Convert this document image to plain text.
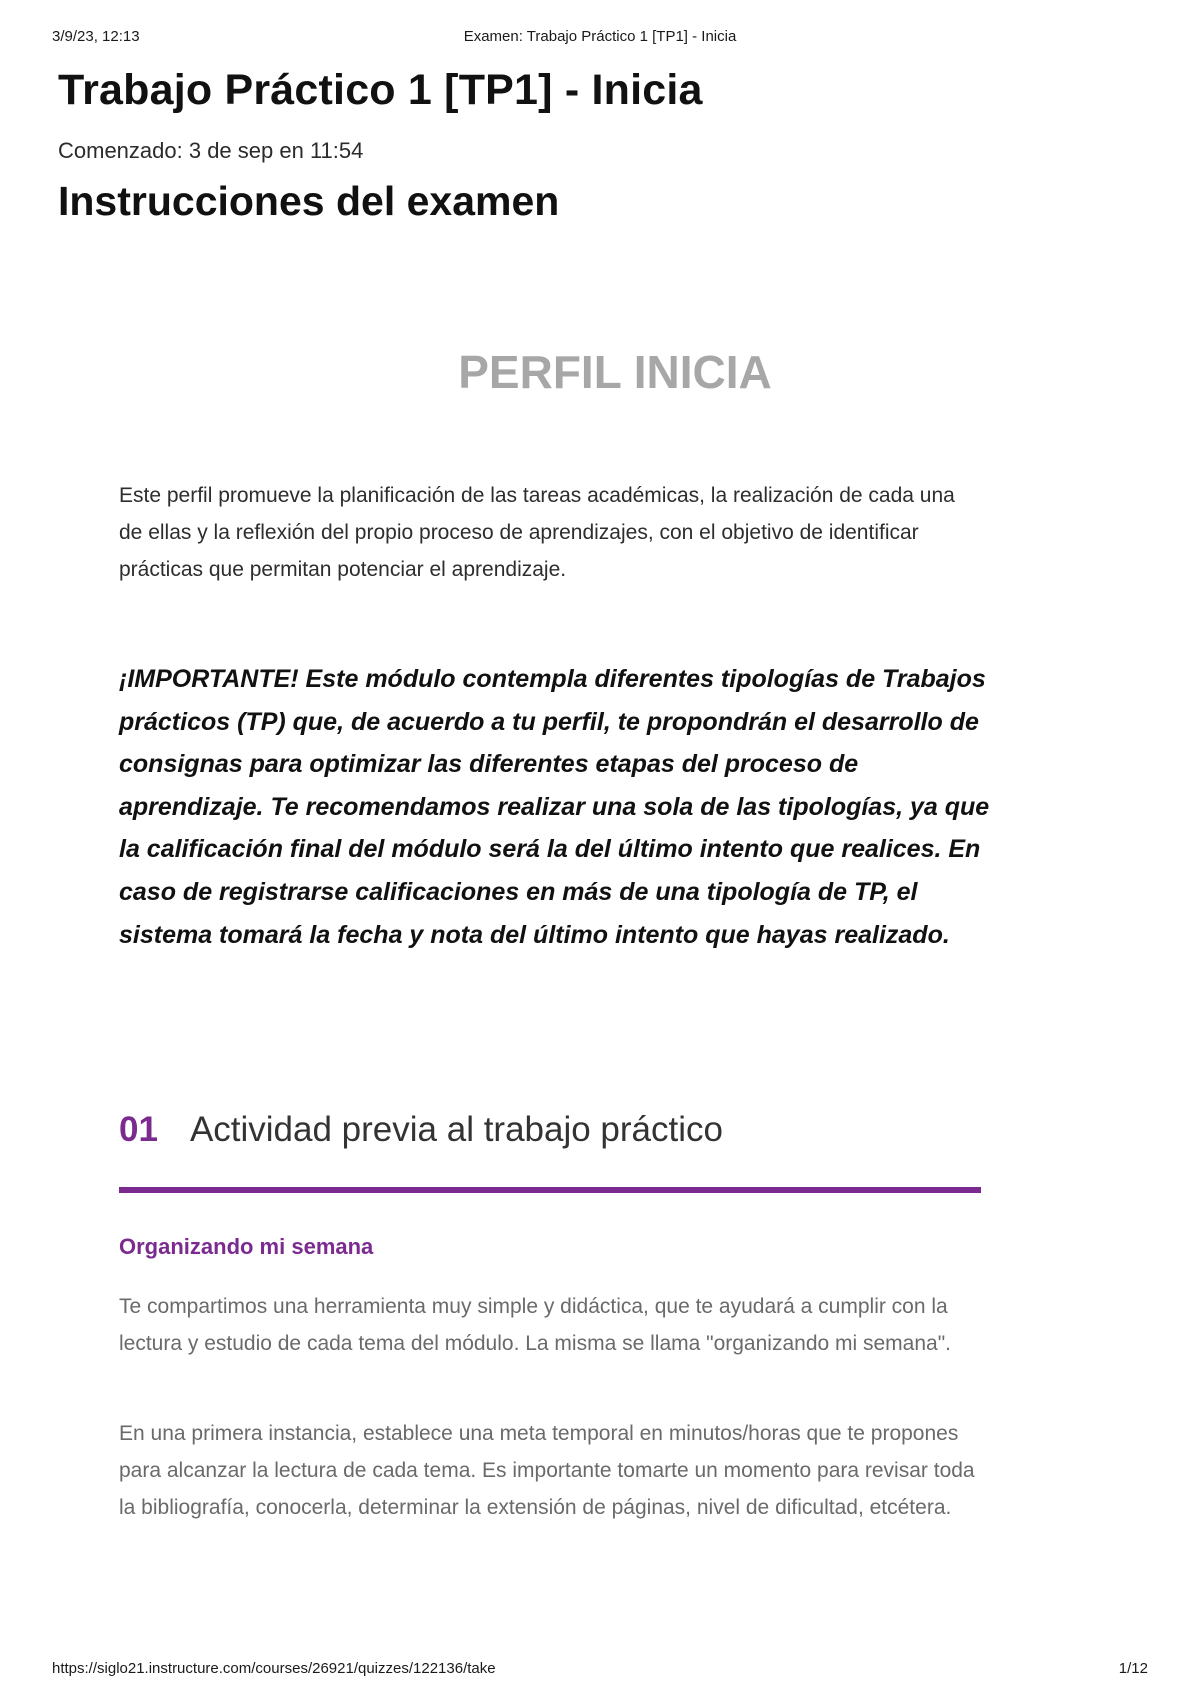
3/9/23, 12:13	Examen: Trabajo Práctico 1 [TP1] - Inicia
Trabajo Práctico 1 [TP1] - Inicia
Comenzado: 3 de sep en 11:54
Instrucciones del examen
PERFIL INICIA

Este perfil promueve la planificación de las tareas académicas, la realización de cada una de ellas y la reflexión del propio proceso de aprendizajes, con el objetivo de identificar prácticas que permitan potenciar el aprendizaje.

¡IMPORTANTE! Este módulo contempla diferentes tipologías de Trabajos prácticos (TP) que, de acuerdo a tu perfil, te propondrán el desarrollo de consignas para optimizar las diferentes etapas del proceso de aprendizaje. Te recomendamos realizar una sola de las tipologías, ya que la calificación final del módulo será la del último intento que realices. En caso de registrarse calificaciones en más de una tipología de TP, el sistema tomará la fecha y nota del último intento que hayas realizado.

01 Actividad previa al trabajo práctico
Organizando mi semana

Te compartimos una herramienta muy simple y didáctica, que te ayudará a cumplir con la lectura y estudio de cada tema del módulo. La misma se llama "organizando mi semana".

En una primera instancia, establece una meta temporal en minutos/horas que te propones para alcanzar la lectura de cada tema. Es importante tomarte un momento para revisar toda la bibliografía, conocerla, determinar la extensión de páginas, nivel de dificultad, etcétera.

https://siglo21.instructure.com/courses/26921/quizzes/122136/take	1/12
